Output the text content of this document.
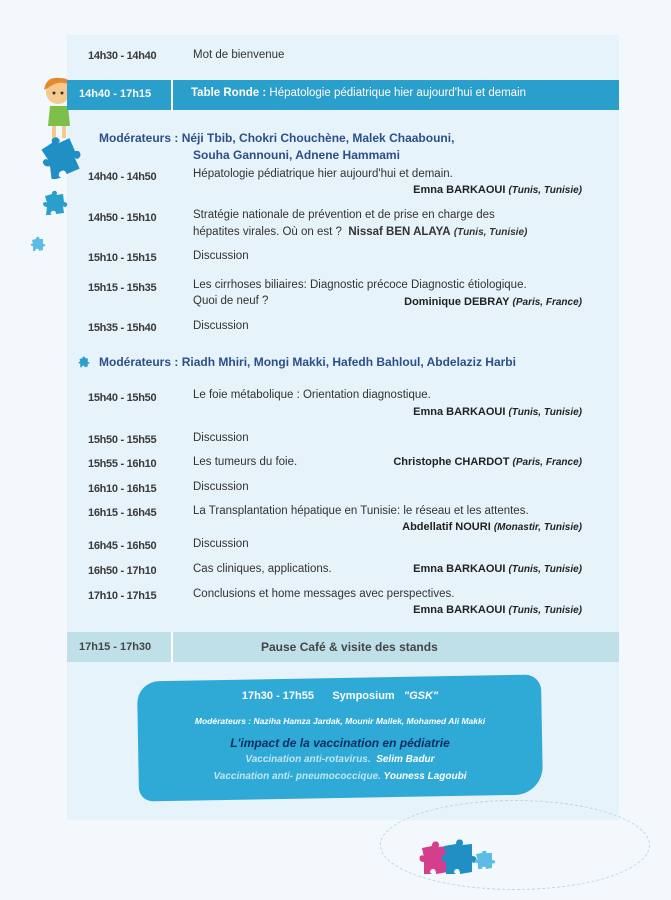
14h30 - 14h40	Mot de bienvenue
14h40 - 17h15	Table Ronde : Hépatologie pédiatrique hier aujourd'hui et demain
Modérateurs : Néji Tbib, Chokri Chouchène, Malek Chaabouni,
Souha Gannouni, Adnene Hammami
14h40 - 14h50	Hépatologie pédiatrique hier aujourd'hui et demain.
Emna BARKAOUI (Tunis, Tunisie)
14h50 - 15h10	Stratégie nationale de prévention et de prise en charge des
hépatites virales. Où on est ? Nissaf BEN ALAYA (Tunis, Tunisie)
15h10 - 15h15	Discussion
15h15 - 15h35	Les cirrhoses biliaires: Diagnostic précoce Diagnostic étiologique.
Quoi de neuf ?	Dominique DEBRAY (Paris, France)
15h35 - 15h40	Discussion
Modérateurs : Riadh Mhiri, Mongi Makki, Hafedh Bahloul, Abdelaziz Harbi
15h40 - 15h50	Le foie métabolique : Orientation diagnostique.
Emna BARKAOUI (Tunis, Tunisie)
15h50 - 15h55	Discussion
15h55 - 16h10	Les tumeurs du foie.	Christophe CHARDOT (Paris, France)
16h10 - 16h15	Discussion
16h15 - 16h45	La Transplantation hépatique en Tunisie: le réseau et les attentes.
Abdellatif NOURI (Monastir, Tunisie)
16h45 - 16h50	Discussion
16h50 - 17h10	Cas cliniques, applications.	Emna BARKAOUI (Tunis, Tunisie)
17h10 - 17h15	Conclusions et home messages avec perspectives.
Emna BARKAOUI (Tunis, Tunisie)
17h15 - 17h30	Pause Café & visite des stands
17h30 - 17h55 Symposium "GSK"
Modérateurs : Naziha Hamza Jardak, Mounir Mallek, Mohamed Ali Makki
L'impact de la vaccination en pédiatrie
Vaccination anti-rotavirus. Selim Badur
Vaccination anti- pneumococcique. Youness Lagoubi
